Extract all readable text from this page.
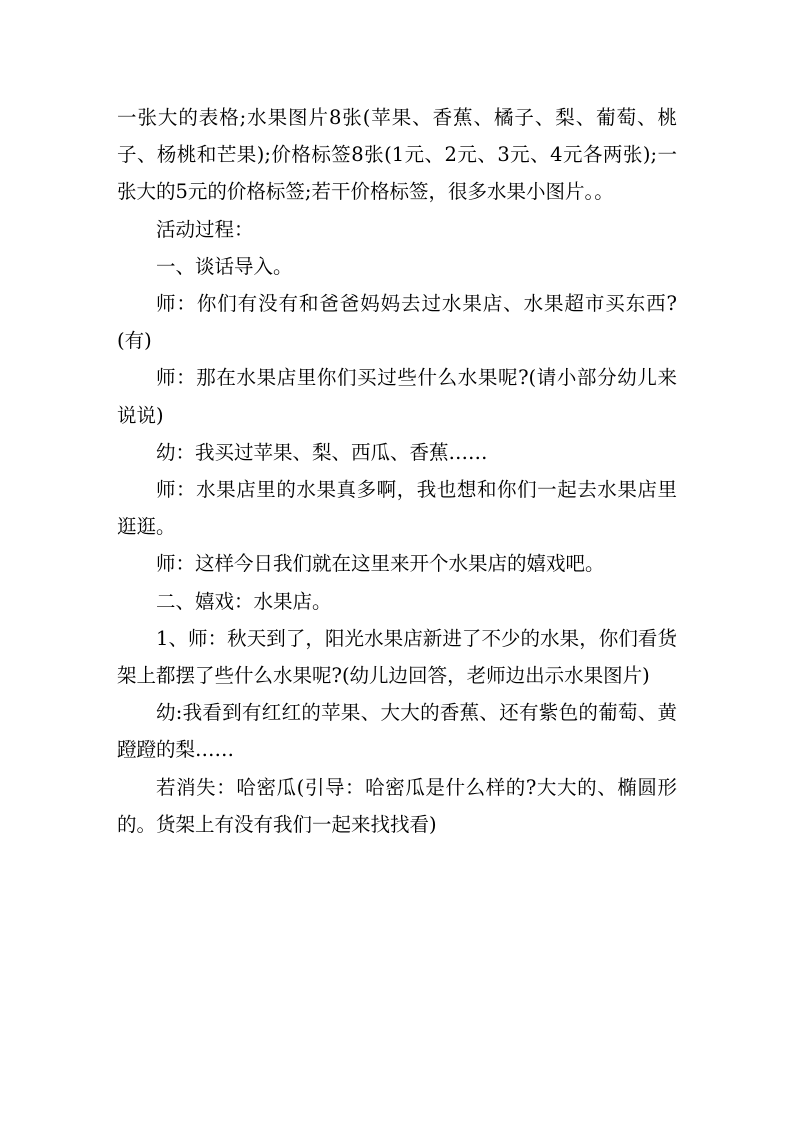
一张大的表格;水果图片8张(苹果、香蕉、橘子、梨、葡萄、桃子、杨桃和芒果);价格标签8张(1元、2元、3元、4元各两张);一张大的5元的价格标签;若干价格标签，很多水果小图片。。

活动过程：

一、谈话导入。

师：你们有没有和爸爸妈妈去过水果店、水果超市买东西?(有)

师：那在水果店里你们买过些什么水果呢?(请小部分幼儿来说说)

幼：我买过苹果、梨、西瓜、香蕉……

师：水果店里的水果真多啊，我也想和你们一起去水果店里逛逛。

师：这样今日我们就在这里来开个水果店的嬉戏吧。

二、嬉戏：水果店。

1、师：秋天到了，阳光水果店新进了不少的水果，你们看货架上都摆了些什么水果呢?(幼儿边回答，老师边出示水果图片)

幼:我看到有红红的苹果、大大的香蕉、还有紫色的葡萄、黄蹬蹬的梨……

若消失：哈密瓜(引导：哈密瓜是什么样的?大大的、椭圆形的。货架上有没有我们一起来找找看)
